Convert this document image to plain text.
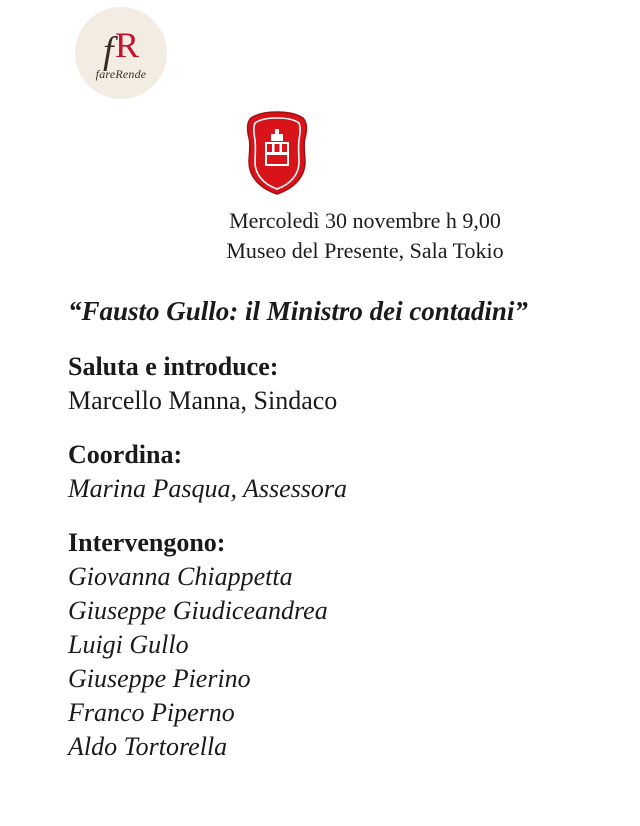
f R
fareRende
Mercoledì 30 novembre h 9,00
Museo del Presente, Sala Tokio
“Fausto Gullo: il Ministro dei contadini”
Saluta e introduce:
Marcello Manna, Sindaco
Coordina:
Marina Pasqua, Assessora
Intervengono:
Giovanna Chiappetta
Giuseppe Giudiceandrea
Luigi Gullo
Giuseppe Pierino
Franco Piperno
Aldo Tortorella
